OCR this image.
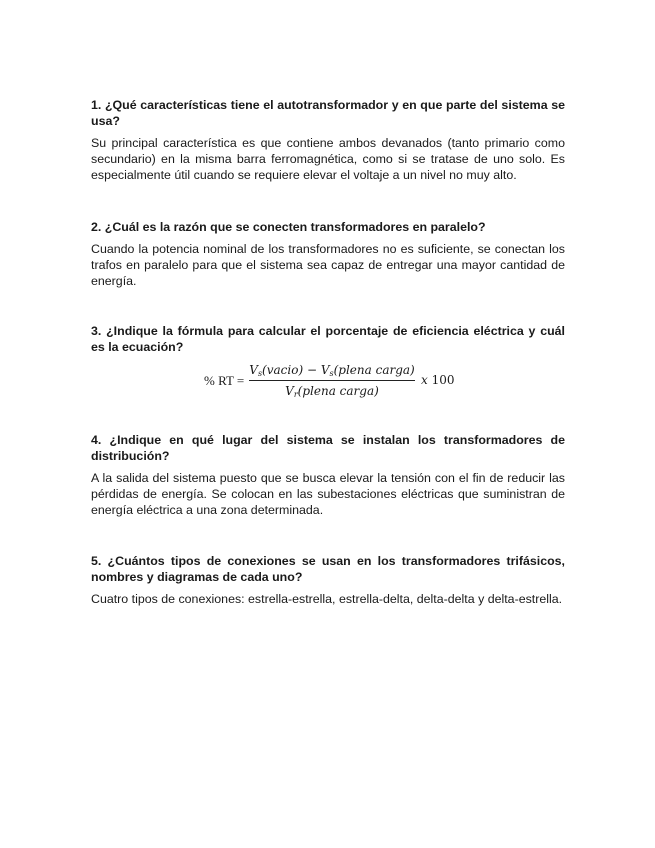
1. ¿Qué características tiene el autotransformador y en que parte del sistema se usa?

Su principal característica es que contiene ambos devanados (tanto primario como secundario) en la misma barra ferromagnética, como si se tratase de uno solo. Es especialmente útil cuando se requiere elevar el voltaje a un nivel no muy alto.

2. ¿Cuál es la razón que se conecten transformadores en paralelo?

Cuando la potencia nominal de los transformadores no es suficiente, se conectan los trafos en paralelo para que el sistema sea capaz de entregar una mayor cantidad de energía.

3. ¿Indique la fórmula para calcular el porcentaje de eficiencia eléctrica y cuál es la ecuación?

% RT =
$V_s(vacio)$ − $V_s(plena$ carga)
$V_r(plena$ carga)
x 100

4. ¿Indique en qué lugar del sistema se instalan los transformadores de distribución?

A la salida del sistema puesto que se busca elevar la tensión con el fin de reducir las pérdidas de energía. Se colocan en las subestaciones eléctricas que suministran de energía eléctrica a una zona determinada.

5. ¿Cuántos tipos de conexiones se usan en los transformadores trifásicos, nombres y diagramas de cada uno?

Cuatro tipos de conexiones: estrella-estrella, estrella-delta, delta-delta y delta-estrella.
